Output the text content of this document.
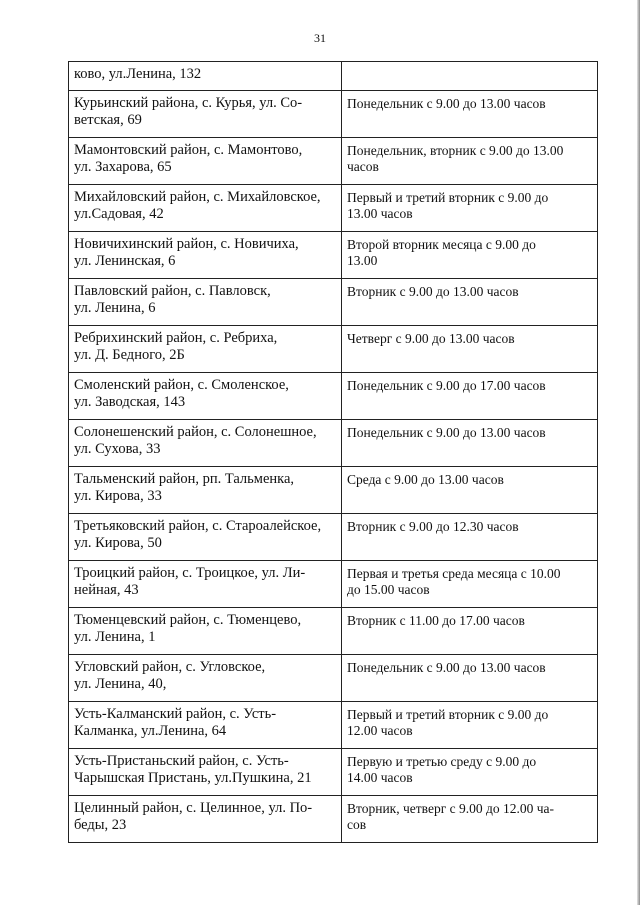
31
ково, ул.Ленина, 132	
Курьинский района, с. Курья, ул. Со-
ветская, 69	Понедельник с 9.00 до 13.00 часов
Мамонтовский район, с. Мамонтово,
ул. Захарова, 65	Понедельник, вторник с 9.00 до 13.00
часов
Михайловский район, с. Михайловское,
ул.Садовая, 42	Первый и третий вторник с 9.00 до
13.00 часов
Новичихинский район, с. Новичиха,
ул. Ленинская, 6	Второй вторник месяца с 9.00 до
13.00
Павловский район, с. Павловск,
ул. Ленина, 6	Вторник с 9.00 до 13.00 часов
Ребрихинский район, с. Ребриха,
ул. Д. Бедного, 2Б	Четверг с 9.00 до 13.00 часов
Смоленский район, с. Смоленское,
ул. Заводская, 143	Понедельник с 9.00 до 17.00 часов
Солонешенский район, с. Солонешное,
ул. Сухова, 33	Понедельник с 9.00 до 13.00 часов
Тальменский район, рп. Тальменка,
ул. Кирова, 33	Среда с 9.00 до 13.00 часов
Третьяковский район, с. Староалейское,
ул. Кирова, 50	Вторник с 9.00 до 12.30 часов
Троицкий район, с. Троицкое, ул. Ли-
нейная, 43	Первая и третья среда месяца с 10.00
до 15.00 часов
Тюменцевский район, с. Тюменцево,
ул. Ленина, 1	Вторник с 11.00 до 17.00 часов
Угловский район, с. Угловское,
ул. Ленина, 40,	Понедельник с 9.00 до 13.00 часов
Усть-Калманский район, с. Усть-
Калманка, ул.Ленина, 64	Первый и третий вторник с 9.00 до
12.00 часов
Усть-Пристаньский район, с. Усть-
Чарышская Пристань, ул.Пушкина, 21	Первую и третью среду с 9.00 до
14.00 часов
Целинный район, с. Целинное, ул. По-
беды, 23	Вторник, четверг с 9.00 до 12.00 ча-
сов
